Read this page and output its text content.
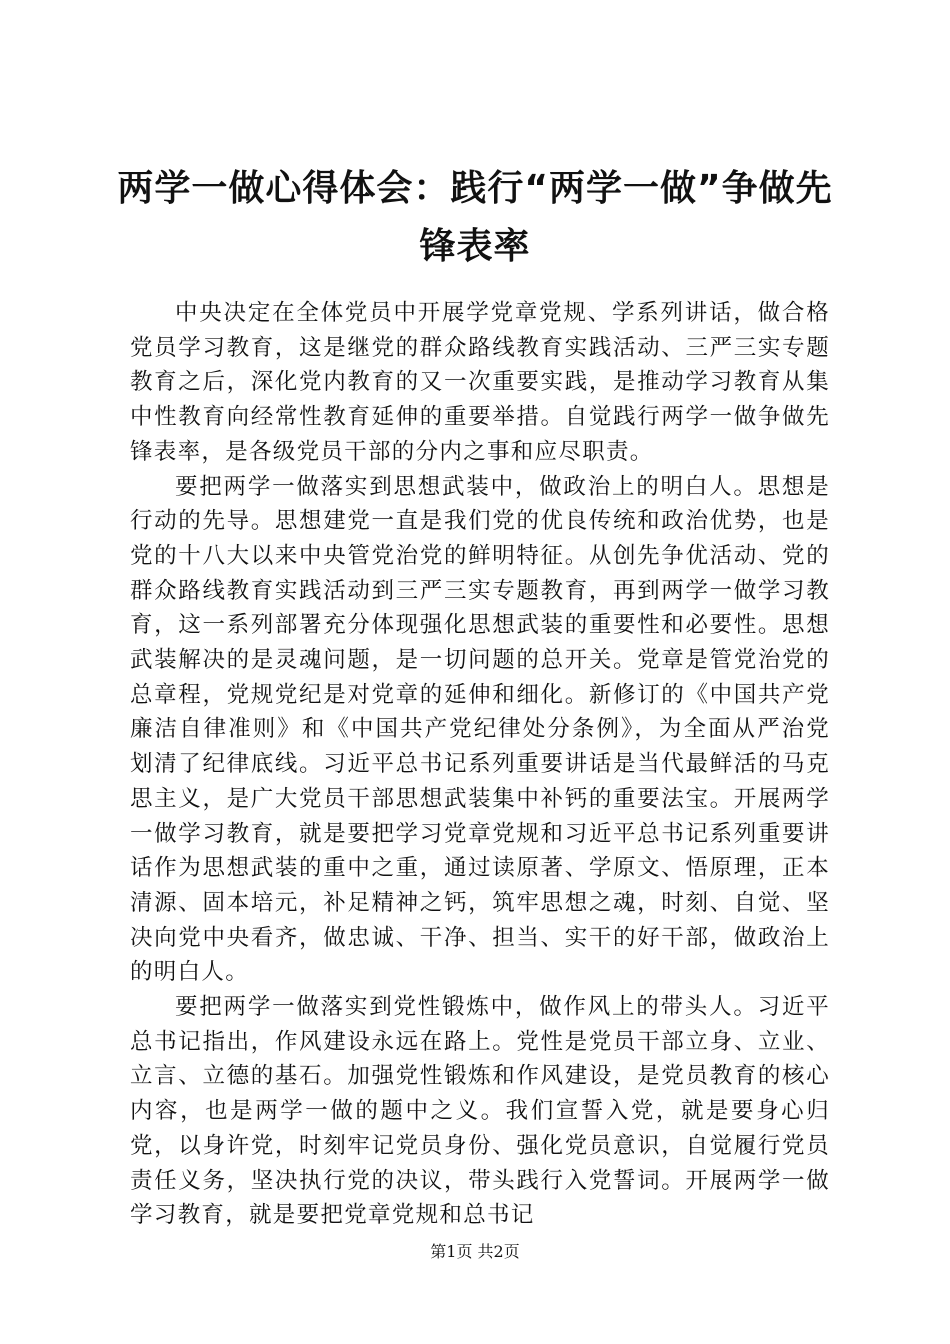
两学一做心得体会：践行“两学一做”争做先锋表率

中央决定在全体党员中开展学党章党规、学系列讲话，做合格党员学习教育，这是继党的群众路线教育实践活动、三严三实专题教育之后，深化党内教育的又一次重要实践，是推动学习教育从集中性教育向经常性教育延伸的重要举措。自觉践行两学一做争做先锋表率，是各级党员干部的分内之事和应尽职责。

要把两学一做落实到思想武装中，做政治上的明白人。思想是行动的先导。思想建党一直是我们党的优良传统和政治优势，也是党的十八大以来中央管党治党的鲜明特征。从创先争优活动、党的群众路线教育实践活动到三严三实专题教育，再到两学一做学习教育，这一系列部署充分体现强化思想武装的重要性和必要性。思想武装解决的是灵魂问题，是一切问题的总开关。党章是管党治党的总章程，党规党纪是对党章的延伸和细化。新修订的《中国共产党廉洁自律准则》和《中国共产党纪律处分条例》，为全面从严治党划清了纪律底线。习近平总书记系列重要讲话是当代最鲜活的马克思主义，是广大党员干部思想武装集中补钙的重要法宝。开展两学一做学习教育，就是要把学习党章党规和习近平总书记系列重要讲话作为思想武装的重中之重，通过读原著、学原文、悟原理，正本清源、固本培元，补足精神之钙，筑牢思想之魂，时刻、自觉、坚决向党中央看齐，做忠诚、干净、担当、实干的好干部，做政治上的明白人。

要把两学一做落实到党性锻炼中，做作风上的带头人。习近平总书记指出，作风建设永远在路上。党性是党员干部立身、立业、立言、立德的基石。加强党性锻炼和作风建设，是党员教育的核心内容，也是两学一做的题中之义。我们宣誓入党，就是要身心归党，以身许党，时刻牢记党员身份、强化党员意识，自觉履行党员责任义务，坚决执行党的决议，带头践行入党誓词。开展两学一做学习教育，就是要把党章党规和总书记

第1页 共2页
